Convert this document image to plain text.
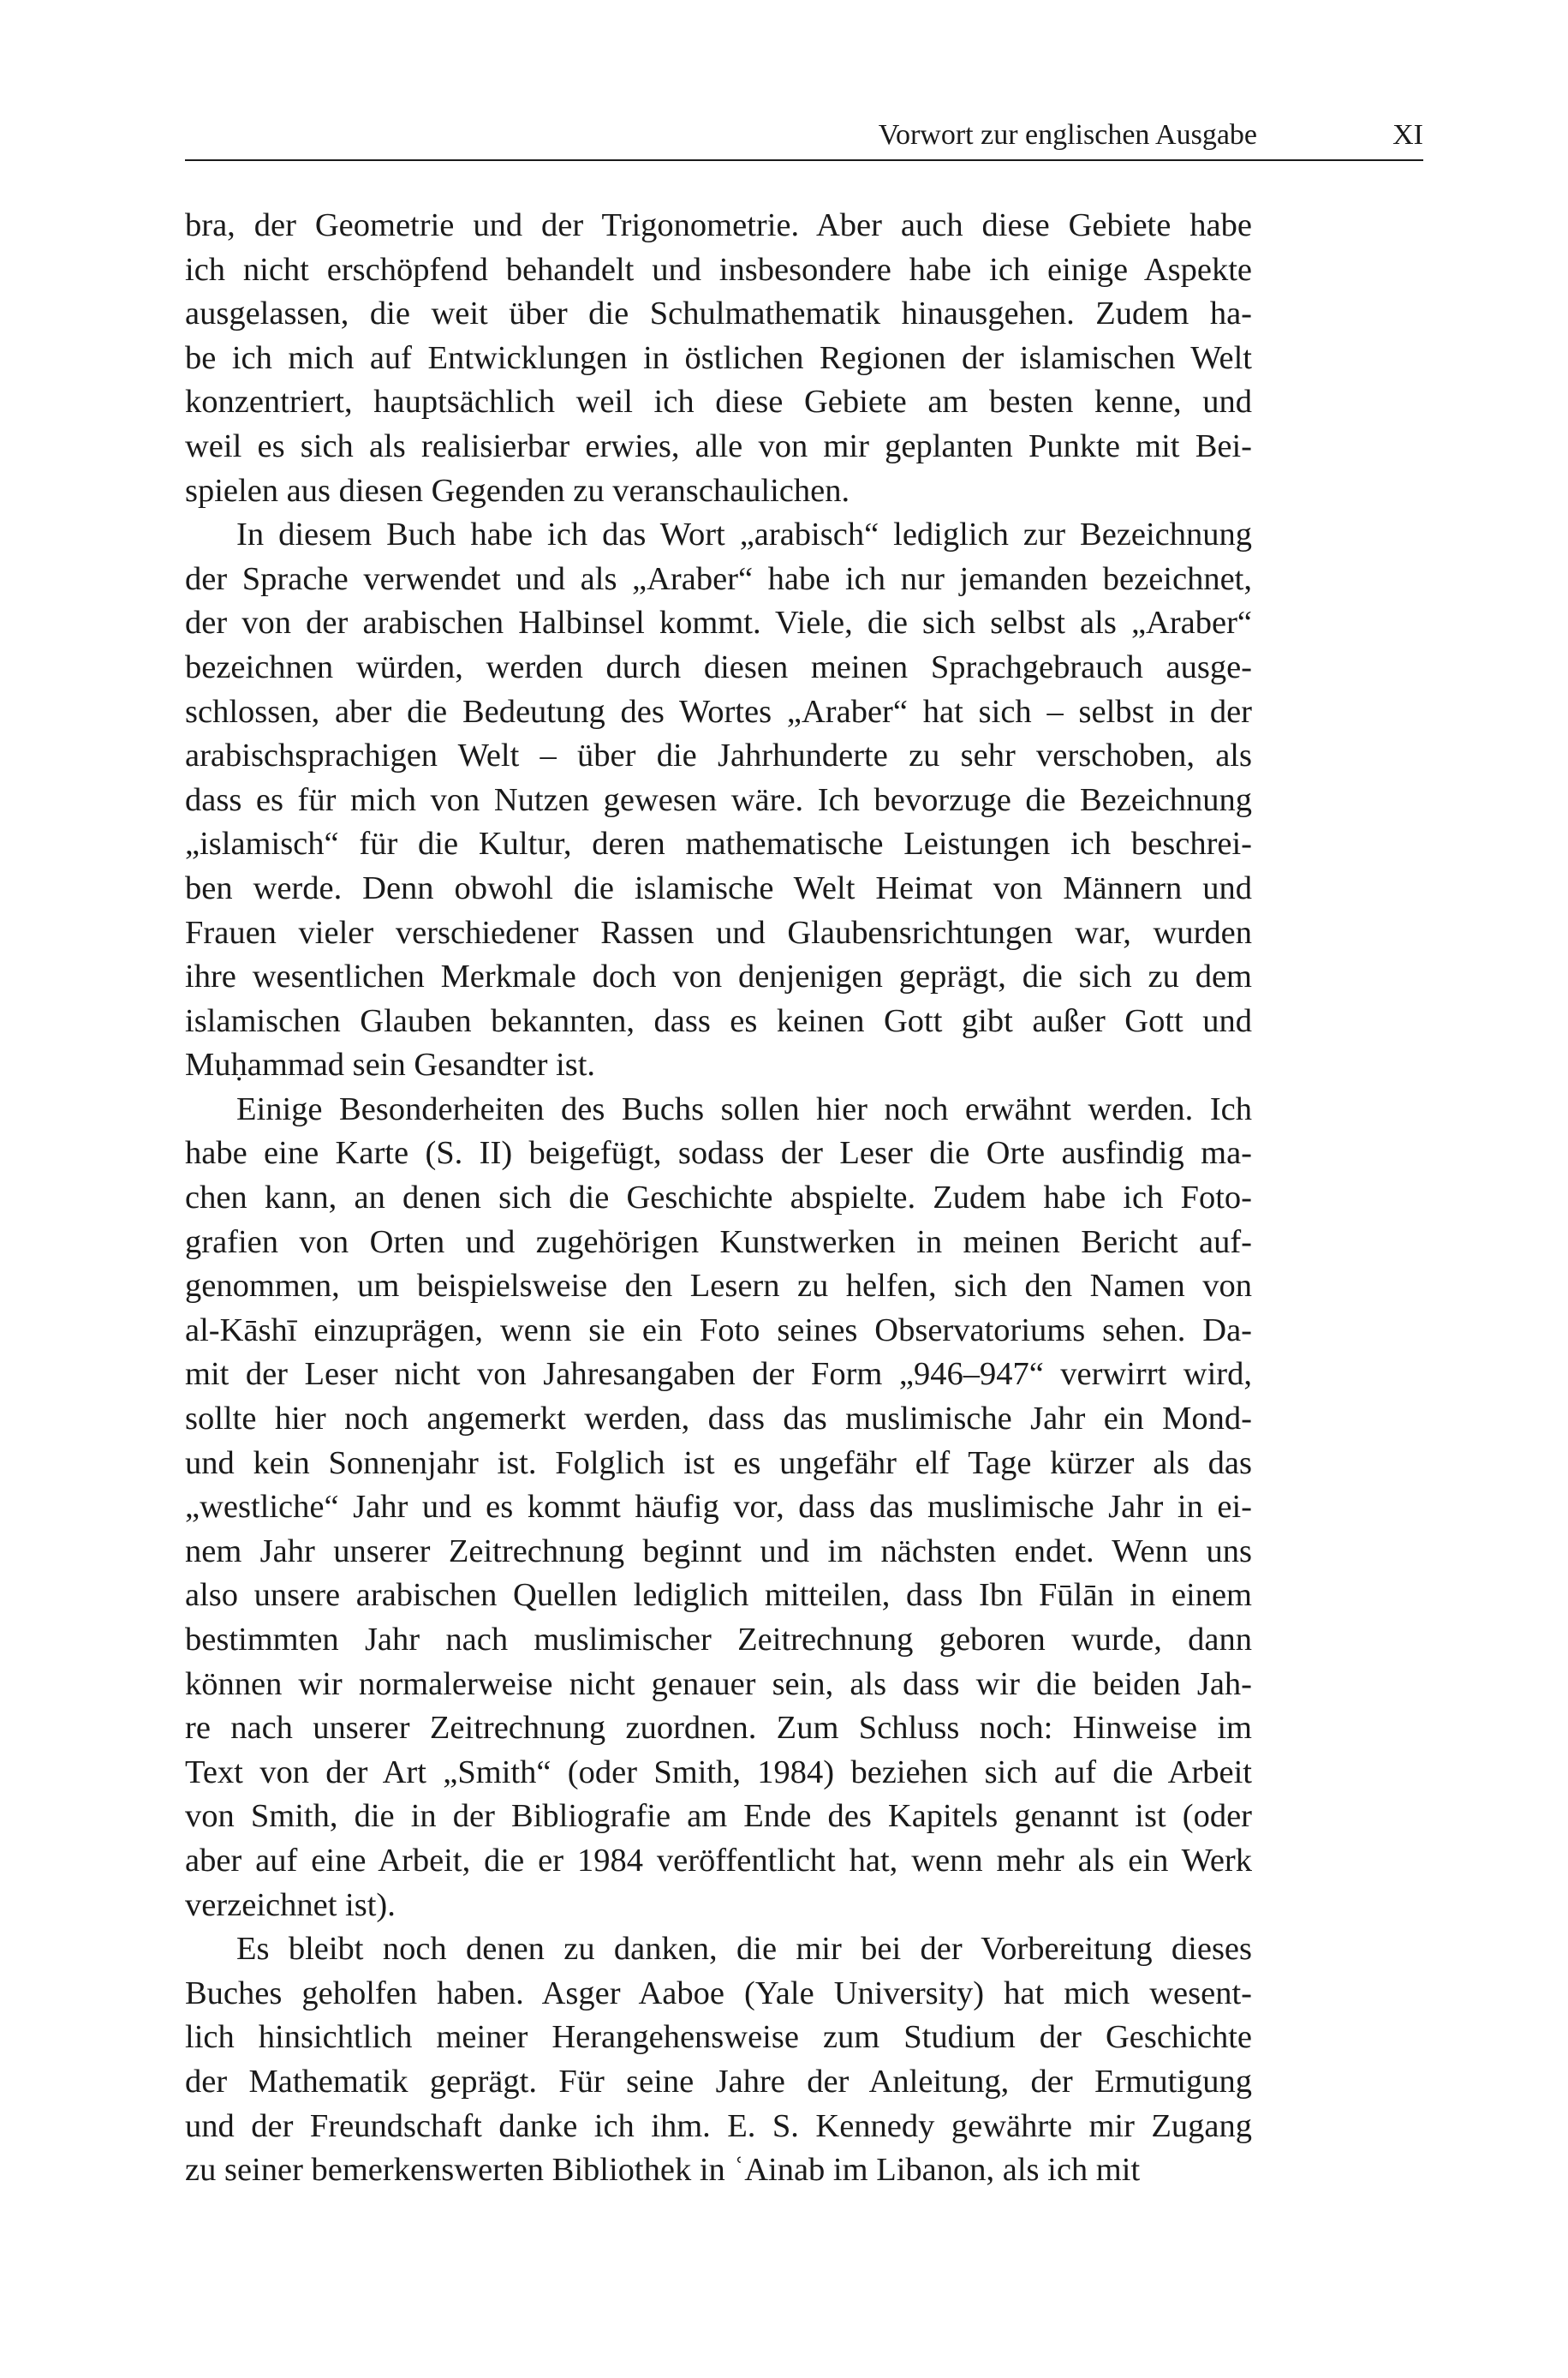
Vorwort zur englischen Ausgabe	XI
bra, der Geometrie und der Trigonometrie. Aber auch diese Gebiete habe
ich nicht erschöpfend behandelt und insbesondere habe ich einige Aspekte
ausgelassen, die weit über die Schulmathematik hinausgehen. Zudem ha-
be ich mich auf Entwicklungen in östlichen Regionen der islamischen Welt
konzentriert, hauptsächlich weil ich diese Gebiete am besten kenne, und
weil es sich als realisierbar erwies, alle von mir geplanten Punkte mit Bei-
spielen aus diesen Gegenden zu veranschaulichen.
In diesem Buch habe ich das Wort „arabisch“ lediglich zur Bezeichnung
der Sprache verwendet und als „Araber“ habe ich nur jemanden bezeichnet,
der von der arabischen Halbinsel kommt. Viele, die sich selbst als „Araber“
bezeichnen würden, werden durch diesen meinen Sprachgebrauch ausge-
schlossen, aber die Bedeutung des Wortes „Araber“ hat sich – selbst in der
arabischsprachigen Welt – über die Jahrhunderte zu sehr verschoben, als
dass es für mich von Nutzen gewesen wäre. Ich bevorzuge die Bezeichnung
„islamisch“ für die Kultur, deren mathematische Leistungen ich beschrei-
ben werde. Denn obwohl die islamische Welt Heimat von Männern und
Frauen vieler verschiedener Rassen und Glaubensrichtungen war, wurden
ihre wesentlichen Merkmale doch von denjenigen geprägt, die sich zu dem
islamischen Glauben bekannten, dass es keinen Gott gibt außer Gott und
Muḥammad sein Gesandter ist.
Einige Besonderheiten des Buchs sollen hier noch erwähnt werden. Ich
habe eine Karte (S. II) beigefügt, sodass der Leser die Orte ausfindig ma-
chen kann, an denen sich die Geschichte abspielte. Zudem habe ich Foto-
grafien von Orten und zugehörigen Kunstwerken in meinen Bericht auf-
genommen, um beispielsweise den Lesern zu helfen, sich den Namen von
al-Kāshī einzuprägen, wenn sie ein Foto seines Observatoriums sehen. Da-
mit der Leser nicht von Jahresangaben der Form „946–947“ verwirrt wird,
sollte hier noch angemerkt werden, dass das muslimische Jahr ein Mond-
und kein Sonnenjahr ist. Folglich ist es ungefähr elf Tage kürzer als das
„westliche“ Jahr und es kommt häufig vor, dass das muslimische Jahr in ei-
nem Jahr unserer Zeitrechnung beginnt und im nächsten endet. Wenn uns
also unsere arabischen Quellen lediglich mitteilen, dass Ibn Fūlān in einem
bestimmten Jahr nach muslimischer Zeitrechnung geboren wurde, dann
können wir normalerweise nicht genauer sein, als dass wir die beiden Jah-
re nach unserer Zeitrechnung zuordnen. Zum Schluss noch: Hinweise im
Text von der Art „Smith“ (oder Smith, 1984) beziehen sich auf die Arbeit
von Smith, die in der Bibliografie am Ende des Kapitels genannt ist (oder
aber auf eine Arbeit, die er 1984 veröffentlicht hat, wenn mehr als ein Werk
verzeichnet ist).
Es bleibt noch denen zu danken, die mir bei der Vorbereitung dieses
Buches geholfen haben. Asger Aaboe (Yale University) hat mich wesent-
lich hinsichtlich meiner Herangehensweise zum Studium der Geschichte
der Mathematik geprägt. Für seine Jahre der Anleitung, der Ermutigung
und der Freundschaft danke ich ihm. E. S. Kennedy gewährte mir Zugang
zu seiner bemerkenswerten Bibliothek in ʿAinab im Libanon, als ich mit
